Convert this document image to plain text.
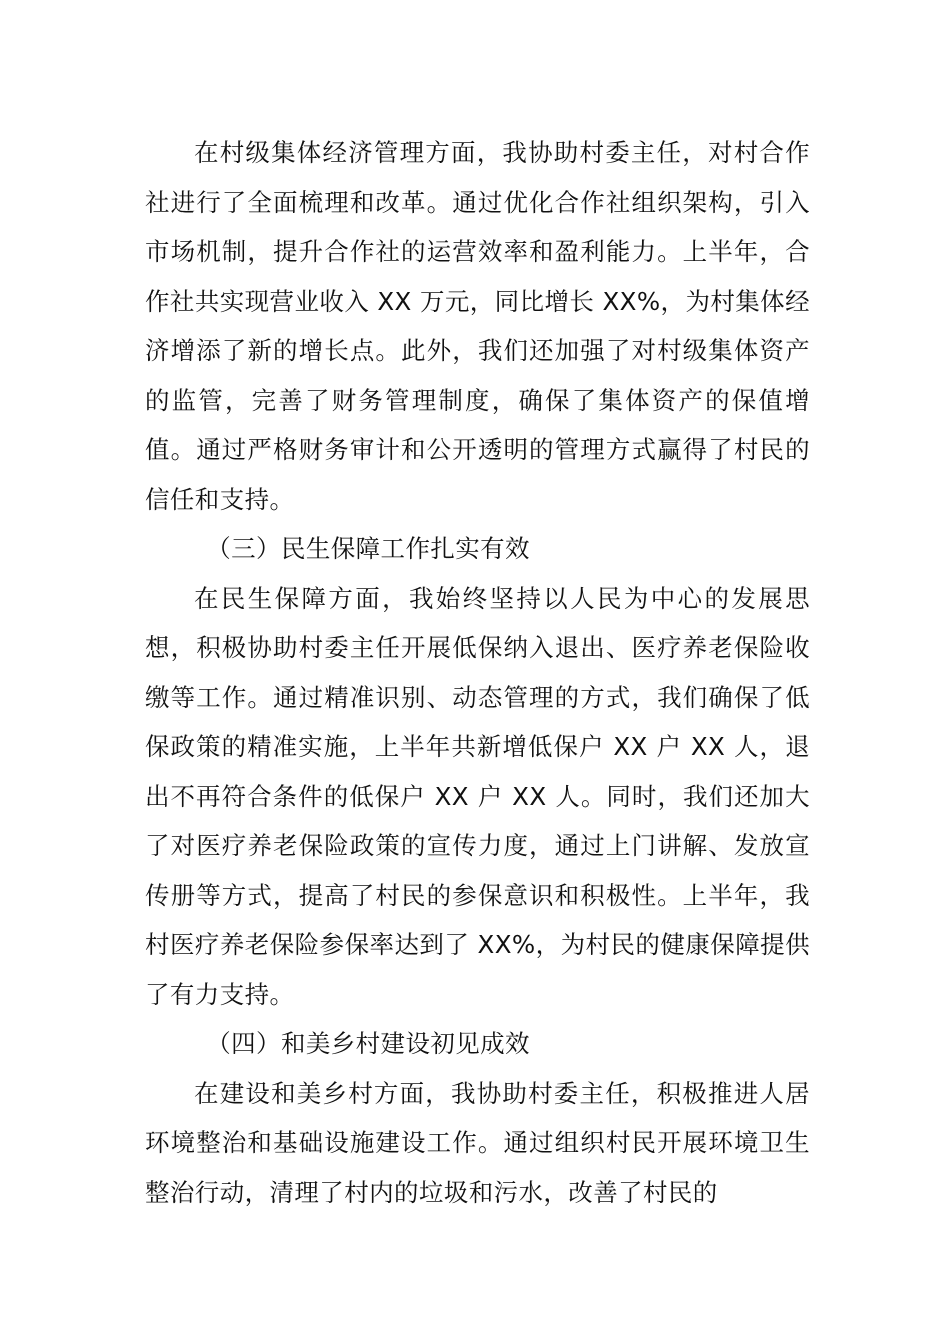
在村级集体经济管理方面，我协助村委主任，对村合作社进行了全面梳理和改革。通过优化合作社组织架构，引入市场机制，提升合作社的运营效率和盈利能力。上半年，合作社共实现营业收入 XX 万元，同比增长 XX%，为村集体经济增添了新的增长点。此外，我们还加强了对村级集体资产的监管，完善了财务管理制度，确保了集体资产的保值增值。通过严格财务审计和公开透明的管理方式赢得了村民的信任和支持。

（三）民生保障工作扎实有效

在民生保障方面，我始终坚持以人民为中心的发展思想，积极协助村委主任开展低保纳入退出、医疗养老保险收缴等工作。通过精准识别、动态管理的方式，我们确保了低保政策的精准实施，上半年共新增低保户 XX 户 XX 人，退出不再符合条件的低保户 XX 户 XX 人。同时，我们还加大了对医疗养老保险政策的宣传力度，通过上门讲解、发放宣传册等方式，提高了村民的参保意识和积极性。上半年，我村医疗养老保险参保率达到了 XX%，为村民的健康保障提供了有力支持。

（四）和美乡村建设初见成效

在建设和美乡村方面，我协助村委主任，积极推进人居环境整治和基础设施建设工作。通过组织村民开展环境卫生整治行动，清理了村内的垃圾和污水，改善了村民的
